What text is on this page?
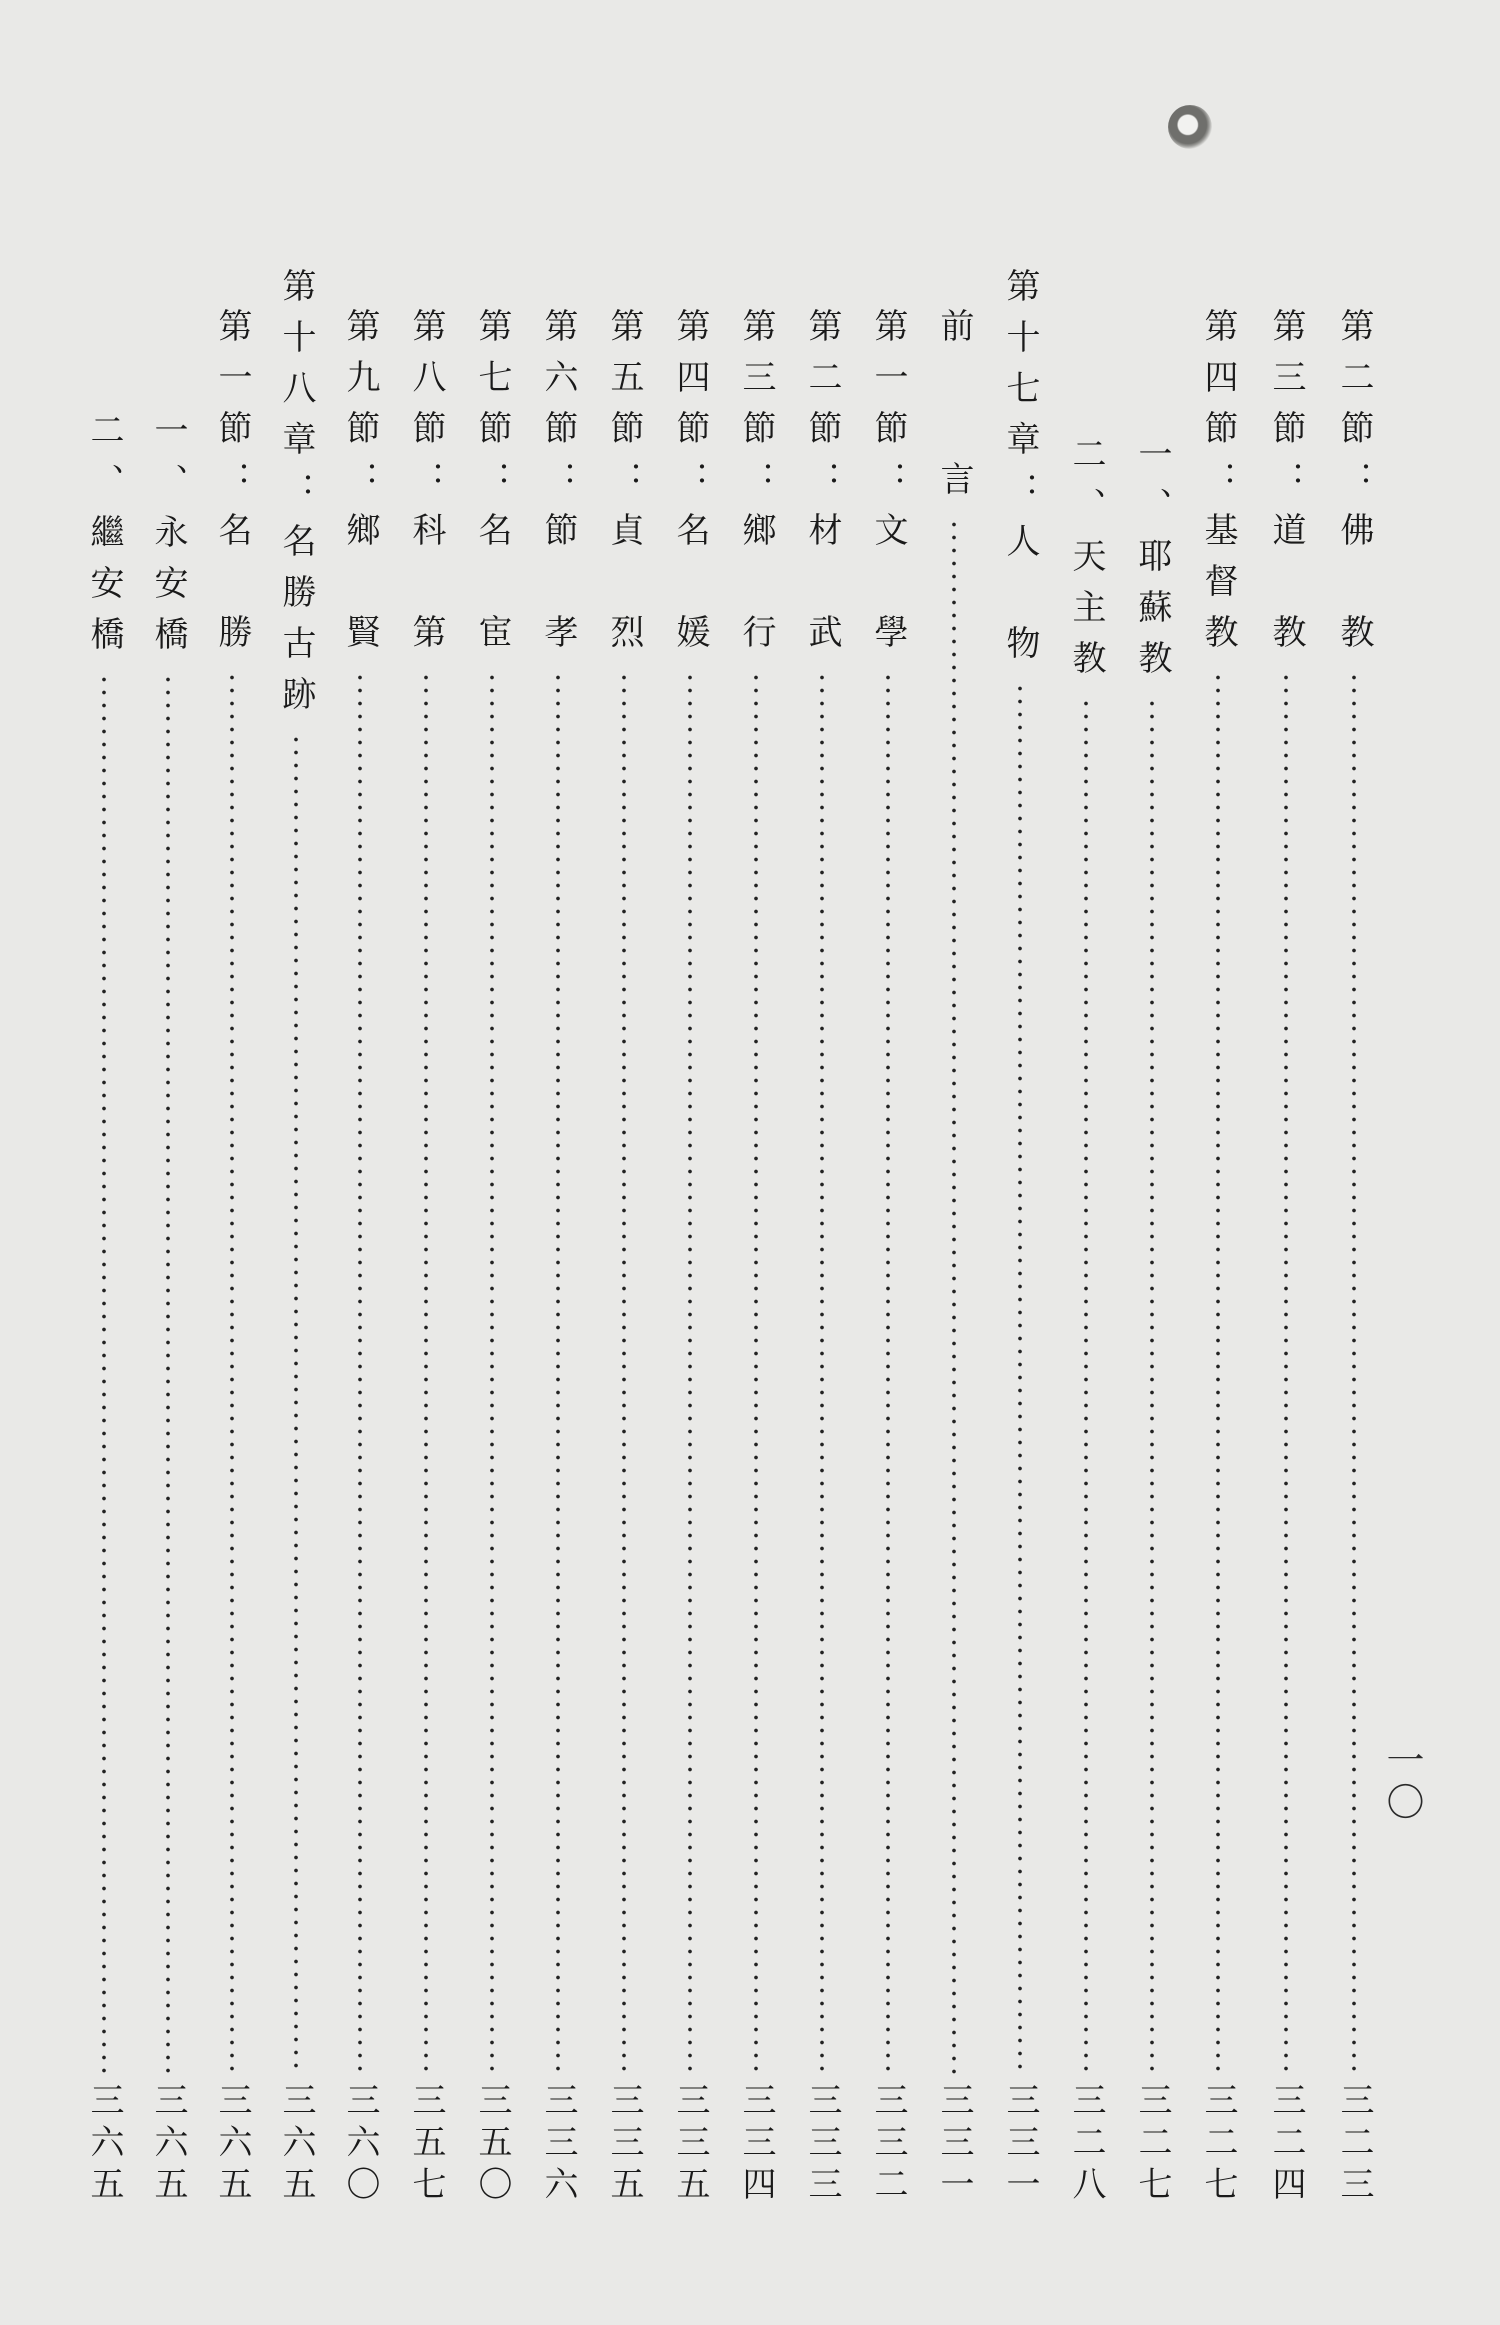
第二節：佛　教
三二三
第三節：道　教
三二四
第四節：基督教
三二七
一、耶蘇教
三二七
二、天主教
三二八
第十七章：人　物
三三一
前　　言
三三一
第一節：文　學
三三二
第二節：材　武
三三三
第三節：鄉　行
三三四
第四節：名　媛
三三五
第五節：貞　烈
三三五
第六節：節　孝
三三六
第七節：名　宦
三五〇
第八節：科　第
三五七
第九節：鄉　賢
三六〇
第十八章：名勝古跡
三六五
第一節：名　勝
三六五
一、永安橋
三六五
二、繼安橋
三六五
一〇
